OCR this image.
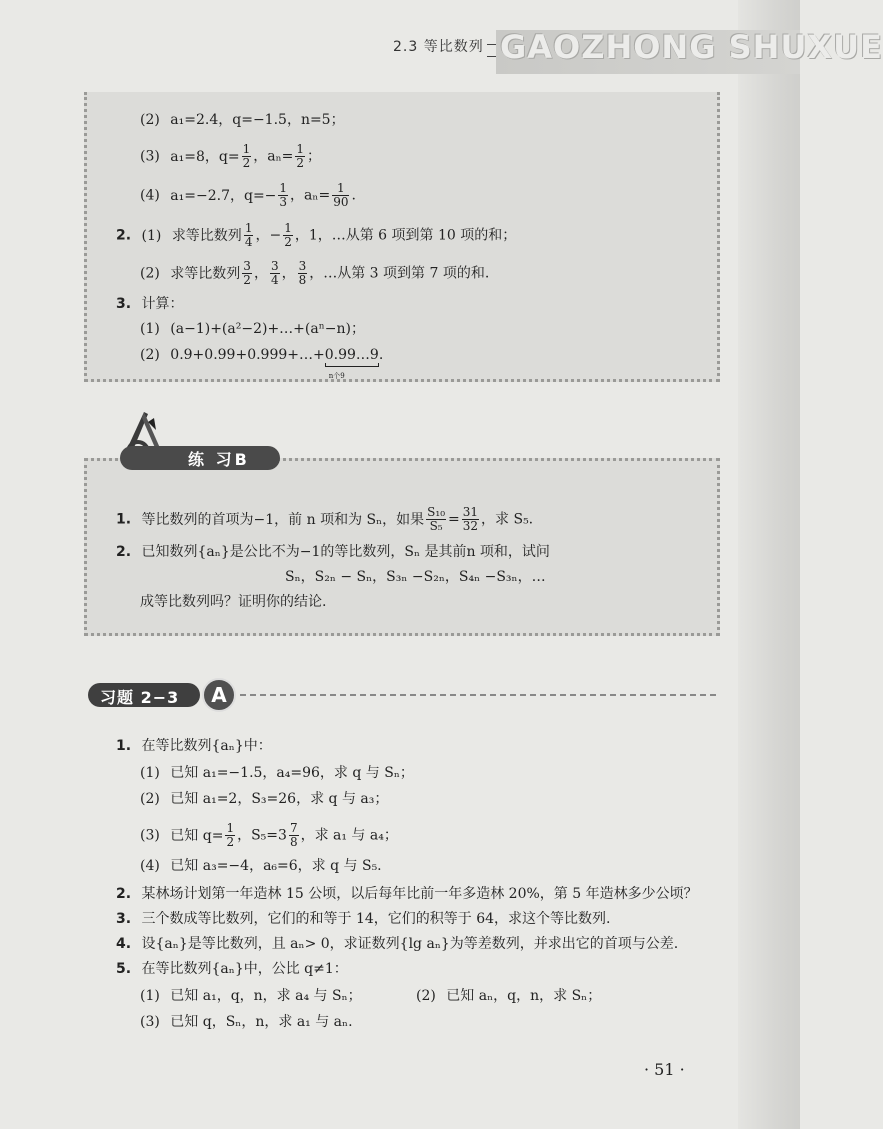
2.3 等比数列 GAOZHONG SHUXUE
(2) a₁=2.4，q=−1.5，n=5；
(3) a₁=8，$q= \frac{1}{2}$ ，$a_n= \frac{1}{2}$ ；
(4) a₁=−2.7，$q=- \frac{1}{3}$ ，$a_n= \frac{1}{90}$ .
2. (1) 求等比数列 $\frac{1}{4}$ ，− $\frac{1}{2}$ ，1，…从第 6 项到第 10 项的和；
(2) 求等比数列 $\frac{3}{2}$ ， $\frac{3}{4}$ ， $\frac{3}{8}$ ，…从第 3 项到第 7 项的和.
3. 计算：
(1) (a−1)+(a²−2)+…+(aⁿ−n)；
(2) 0.9+0.99+0.999+…+0.99…9
n个9
.
练 习B
1. 等比数列的首项为−1，前 n 项和为 Sₙ，如果 $\frac{\text{S₁₀}}{\text{S₅}} = \frac{31}{32}$ ，求 S₅.
2. 已知数列{aₙ}是公比不为−1的等比数列，Sₙ 是其前n 项和，试问
Sₙ，S₂ₙ − Sₙ，S₃ₙ −S₂ₙ，S₄ₙ −S₃ₙ，…
成等比数列吗？证明你的结论.
习题 2−3	A
1. 在等比数列{aₙ}中：
(1) 已知 a₁=−1.5，a₄=96，求 q 与 Sₙ；
(2) 已知 a₁=2，S₃=26，求 q 与 a₃；
(3) 已知 $q= \frac{1}{2}$ ，$S_5=3 \frac{7}{8}$ ，求 a₁ 与 a₄；
(4) 已知 a₃=−4，a₆=6，求 q 与 S₅.
2. 某林场计划第一年造林 15 公顷，以后每年比前一年多造林 20%，第 5 年造林多少公顷？
3. 三个数成等比数列，它们的和等于 14，它们的积等于 64，求这个等比数列.
4. 设{aₙ}是等比数列，且 aₙ> 0，求证数列{lg aₙ}为等差数列，并求出它的首项与公差.
5. 在等比数列{aₙ}中，公比 q≠1：
(1) 已知 a₁，q，n，求 a₄ 与 Sₙ；	(2) 已知 aₙ，q，n，求 Sₙ；
(3) 已知 q，Sₙ，n，求 a₁ 与 aₙ.
· 51 ·
